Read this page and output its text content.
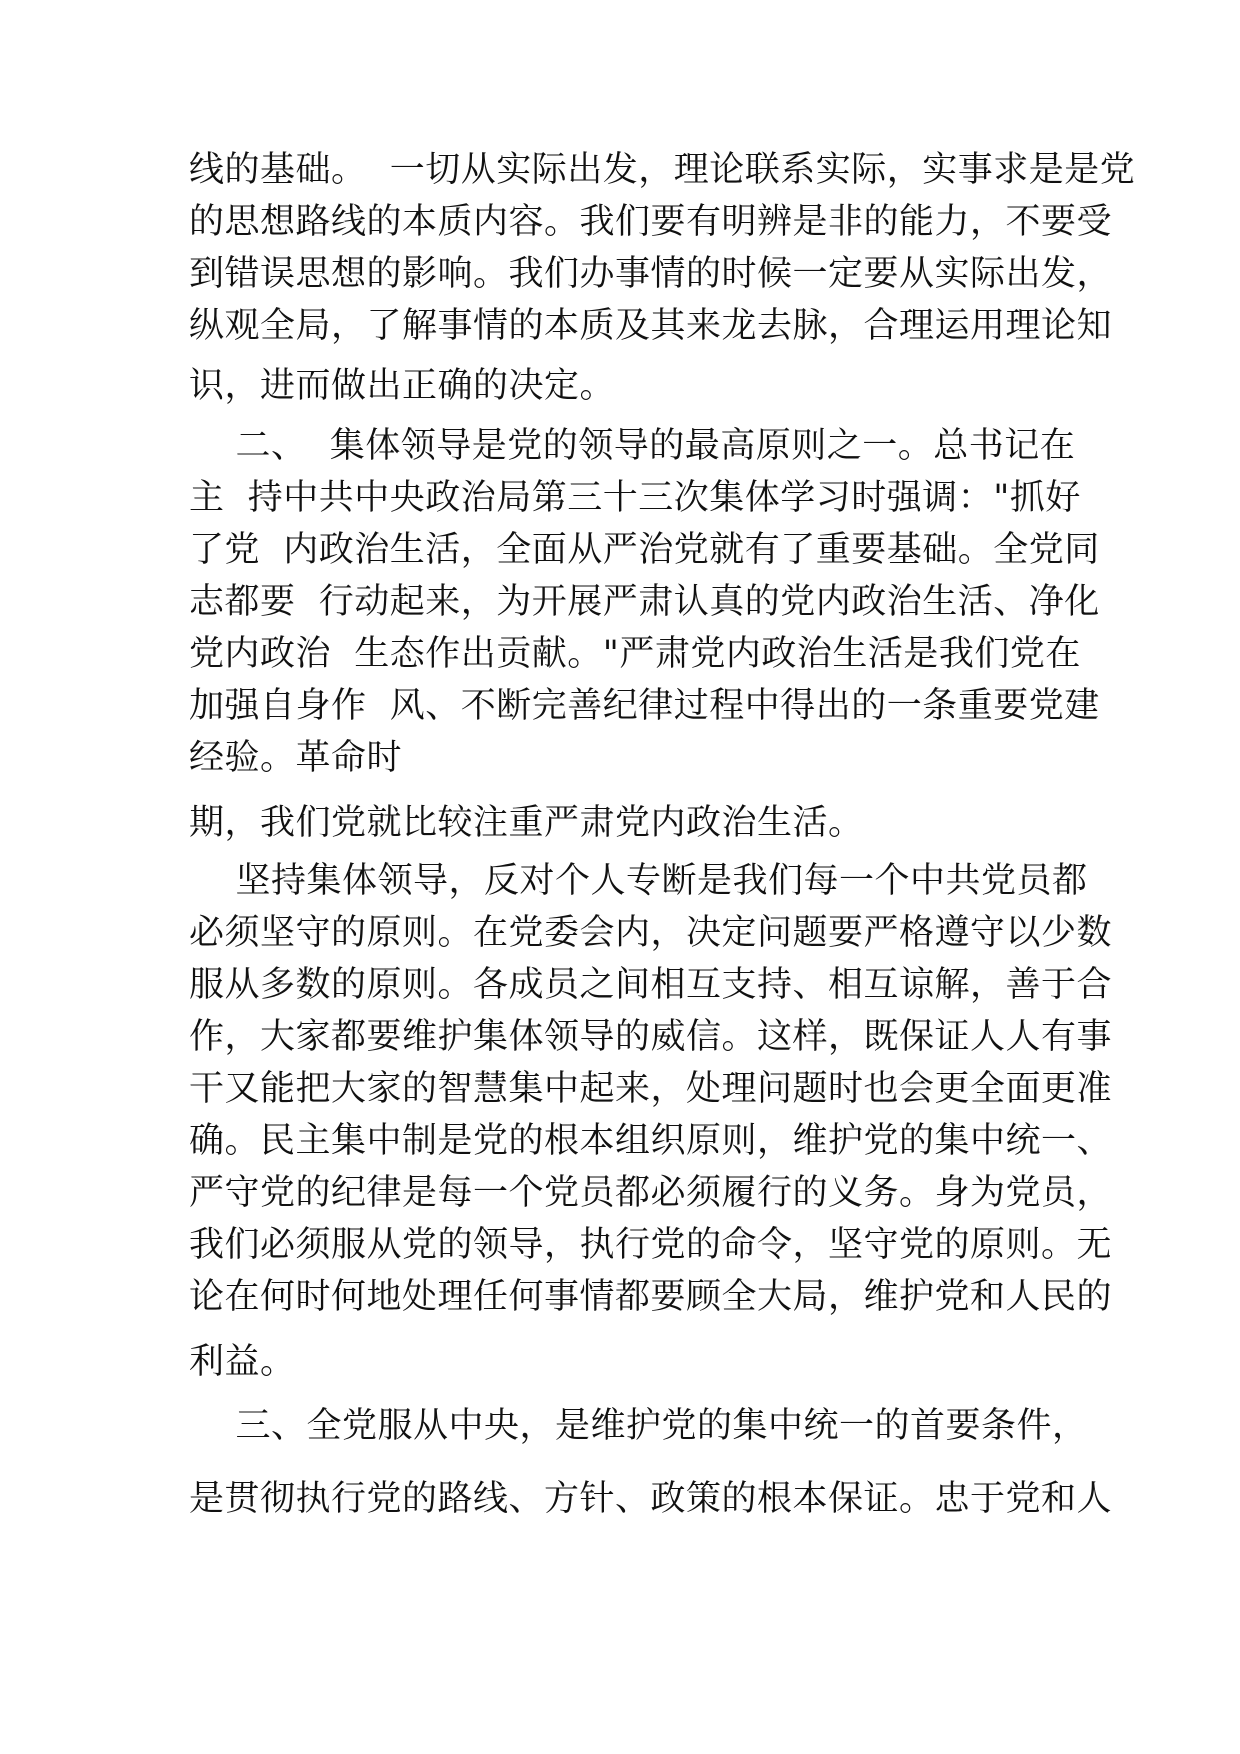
线的基础。  一切从实际出发，理论联系实际，实事求是是党
的思想路线的本质内容。我们要有明辨是非的能力，不要受
到错误思想的影响。我们办事情的时候一定要从实际出发，
纵观全局，了解事情的本质及其来龙去脉，合理运用理论知
识，进而做出正确的决定。
二、  集体领导是党的领导的最高原则之一。总书记在
主  持中共中央政治局第三十三次集体学习时强调："抓好
了党  内政治生活，全面从严治党就有了重要基础。全党同
志都要  行动起来，为开展严肃认真的党内政治生活、净化
党内政治  生态作出贡献。"严肃党内政治生活是我们党在
加强自身作  风、不断完善纪律过程中得出的一条重要党建
经验。革命时
期，我们党就比较注重严肃党内政治生活。
坚持集体领导，反对个人专断是我们每一个中共党员都
必须坚守的原则。在党委会内，决定问题要严格遵守以少数
服从多数的原则。各成员之间相互支持、相互谅解，善于合
作，大家都要维护集体领导的威信。这样，既保证人人有事
干又能把大家的智慧集中起来，处理问题时也会更全面更准
确。民主集中制是党的根本组织原则，维护党的集中统一、
严守党的纪律是每一个党员都必须履行的义务。身为党员，
我们必须服从党的领导，执行党的命令，坚守党的原则。无
论在何时何地处理任何事情都要顾全大局，维护党和人民的
利益。
三、全党服从中央，是维护党的集中统一的首要条件，
是贯彻执行党的路线、方针、政策的根本保证。忠于党和人
